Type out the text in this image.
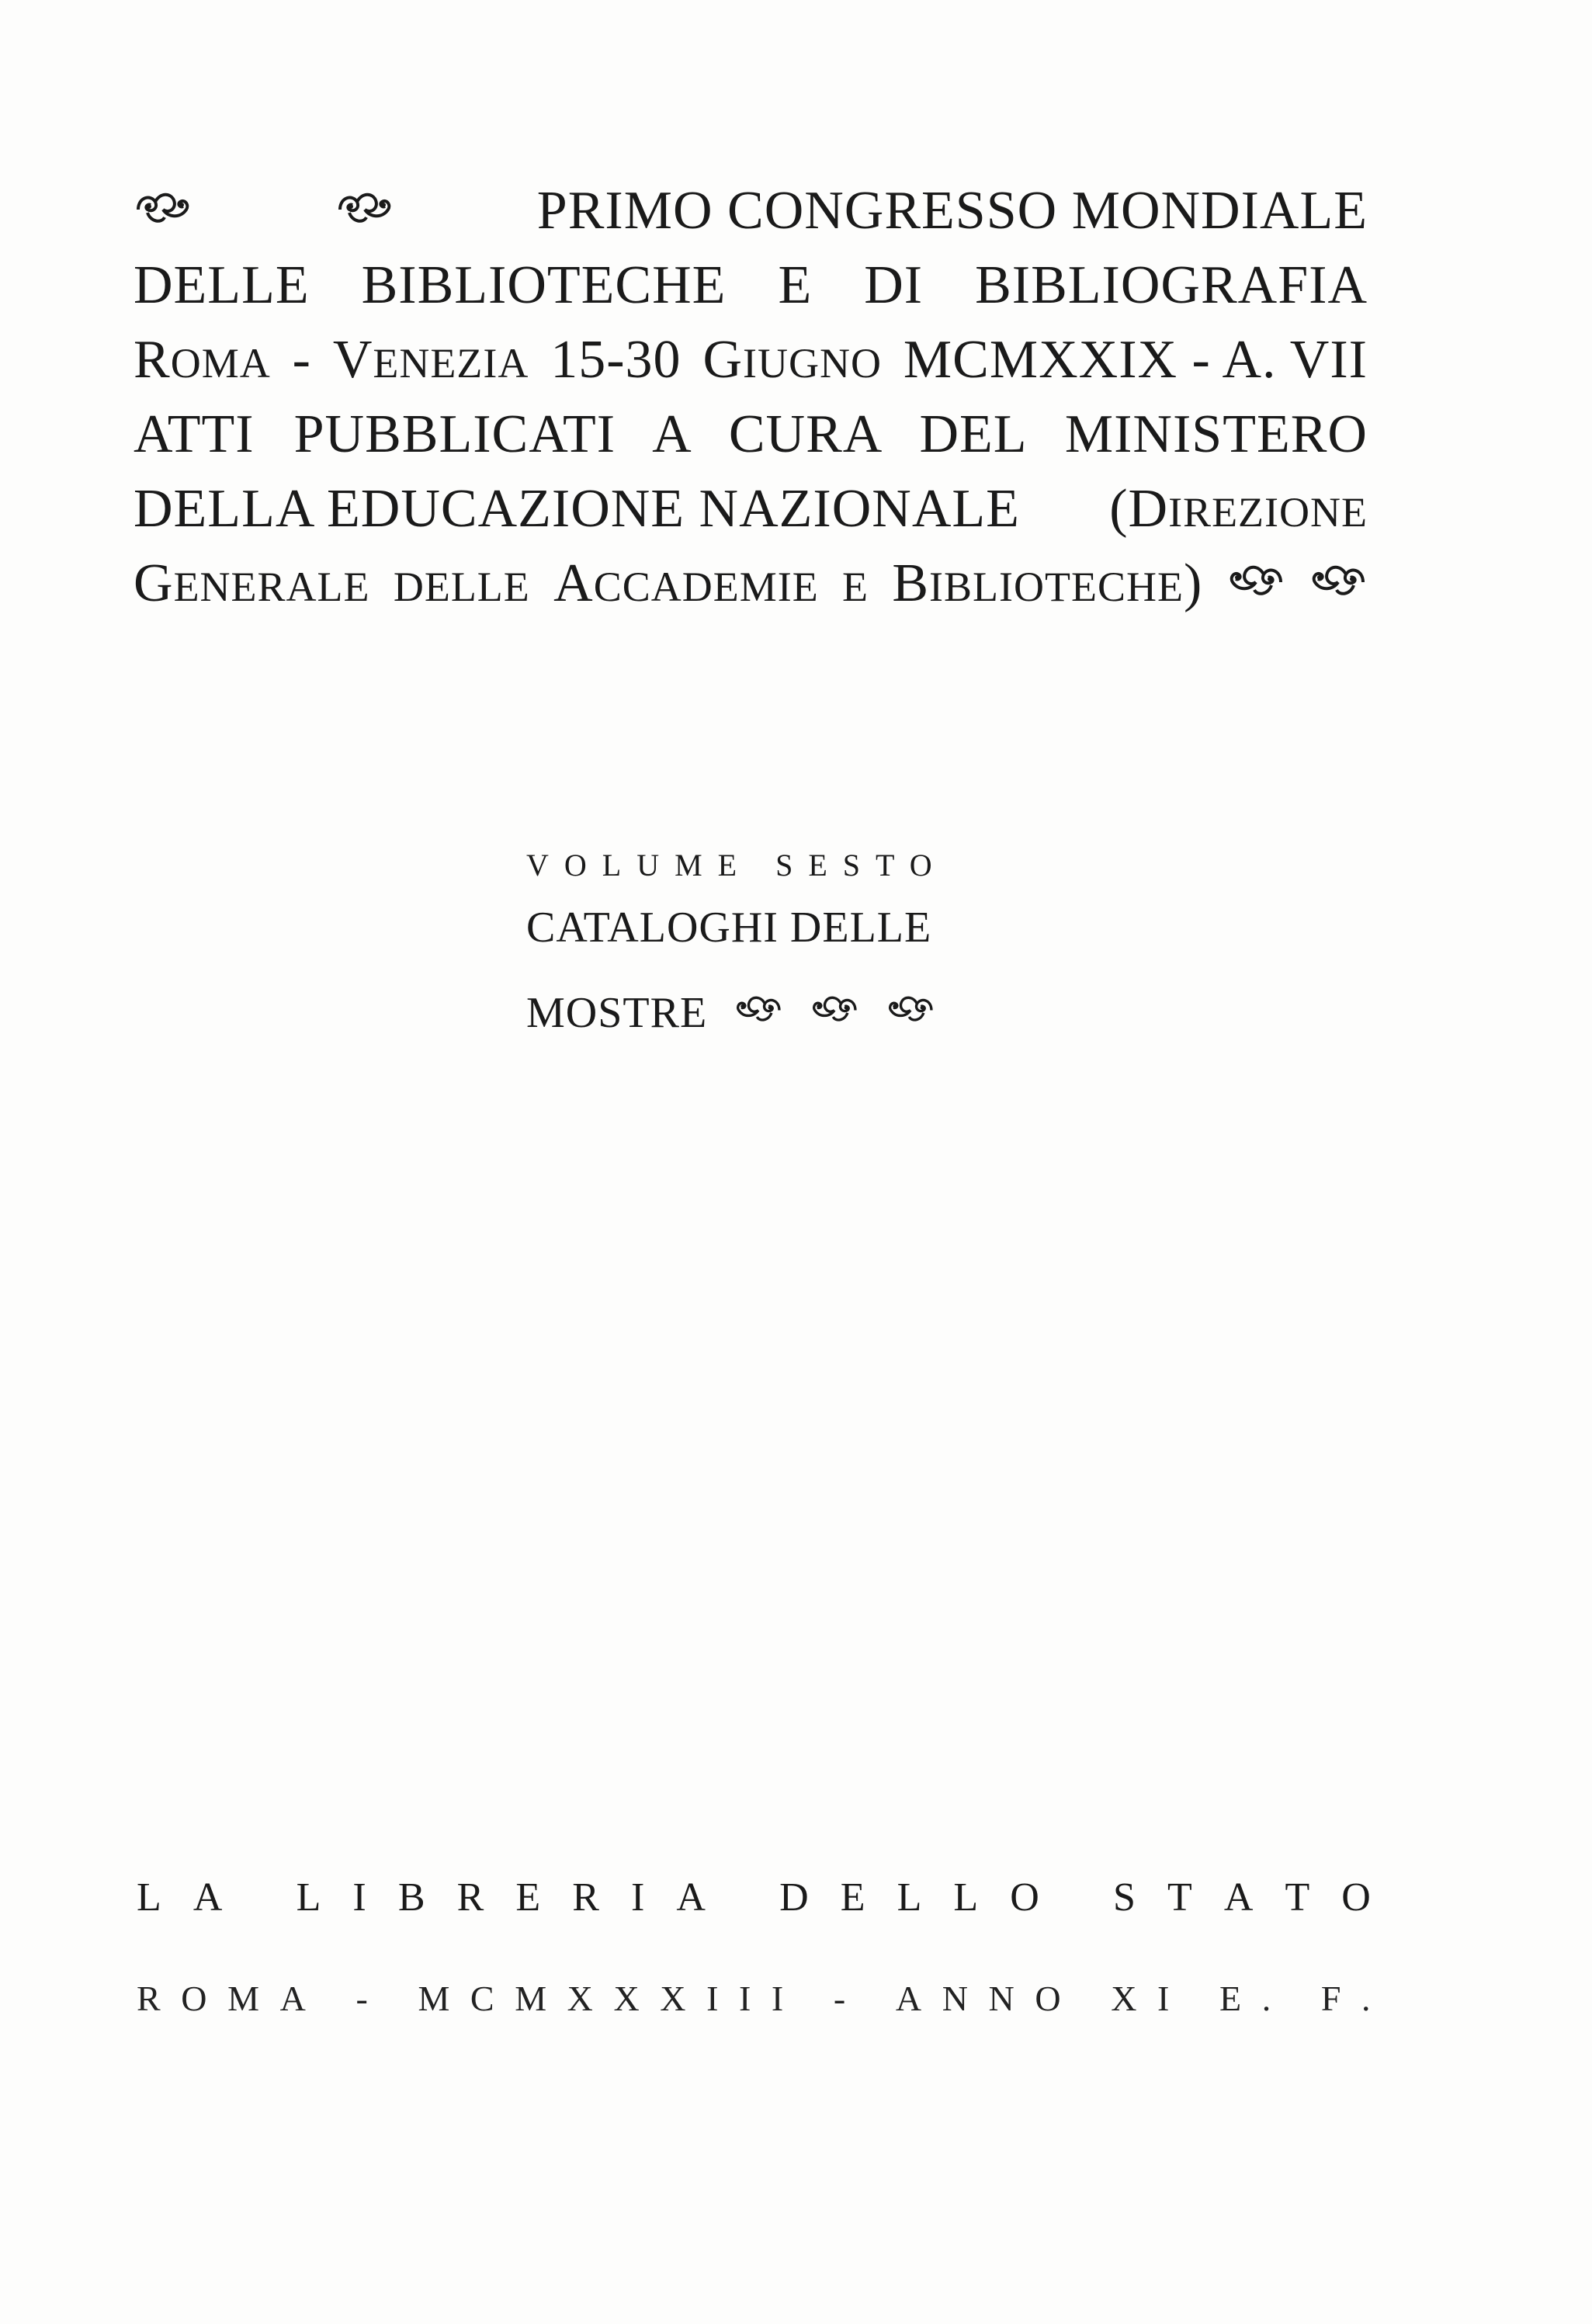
PRIMO CONGRESSO MONDIALE
DELLE BIBLIOTECHE E DI BIBLIOGRAFIA
ROMA - VENEZIA 15-30 GIUGNO MCMXXIX - A. VII
ATTI PUBBLICATI A CURA DEL MINISTERO
DELLA EDUCAZIONE NAZIONALE (DIREZIONE
GENERALE DELLE ACCADEMIE E BIBLIOTECHE)
VOLUME SESTO
CATALOGHI DELLE
MOSTRE
L A
L I B R E R I A
D E L L O
S T A T O
R O M A
-
M C M X X X I I I
-
A N N O
X I
E .
F .
